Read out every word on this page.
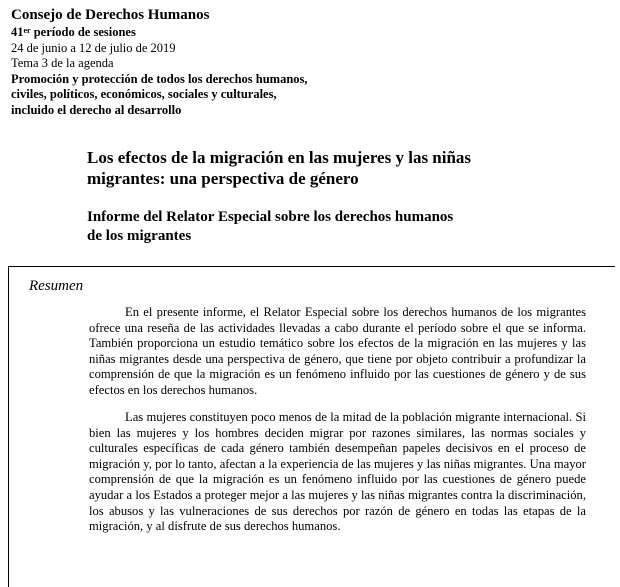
Consejo de Derechos Humanos

41er período de sesiones

24 de junio a 12 de julio de 2019

Tema 3 de la agenda

Promoción y protección de todos los derechos humanos,

civiles, políticos, económicos, sociales y culturales,

incluido el derecho al desarrollo

Los efectos de la migración en las mujeres y las niñas migrantes: una perspectiva de género

Informe del Relator Especial sobre los derechos humanos
de los migrantes

Resumen

En el presente informe, el Relator Especial sobre los derechos humanos de los migrantes ofrece una reseña de las actividades llevadas a cabo durante el período sobre el que se informa. También proporciona un estudio temático sobre los efectos de la migración en las mujeres y las niñas migrantes desde una perspectiva de género, que tiene por objeto contribuir a profundizar la comprensión de que la migración es un fenómeno influido por las cuestiones de género y de sus efectos en los derechos humanos.

Las mujeres constituyen poco menos de la mitad de la población migrante internacional. Si bien las mujeres y los hombres deciden migrar por razones similares, las normas sociales y culturales específicas de cada género también desempeñan papeles decisivos en el proceso de migración y, por lo tanto, afectan a la experiencia de las mujeres y las niñas migrantes. Una mayor comprensión de que la migración es un fenómeno influido por las cuestiones de género puede ayudar a los Estados a proteger mejor a las mujeres y las niñas migrantes contra la discriminación, los abusos y las vulneraciones de sus derechos por razón de género en todas las etapas de la migración, y al disfrute de sus derechos humanos.
